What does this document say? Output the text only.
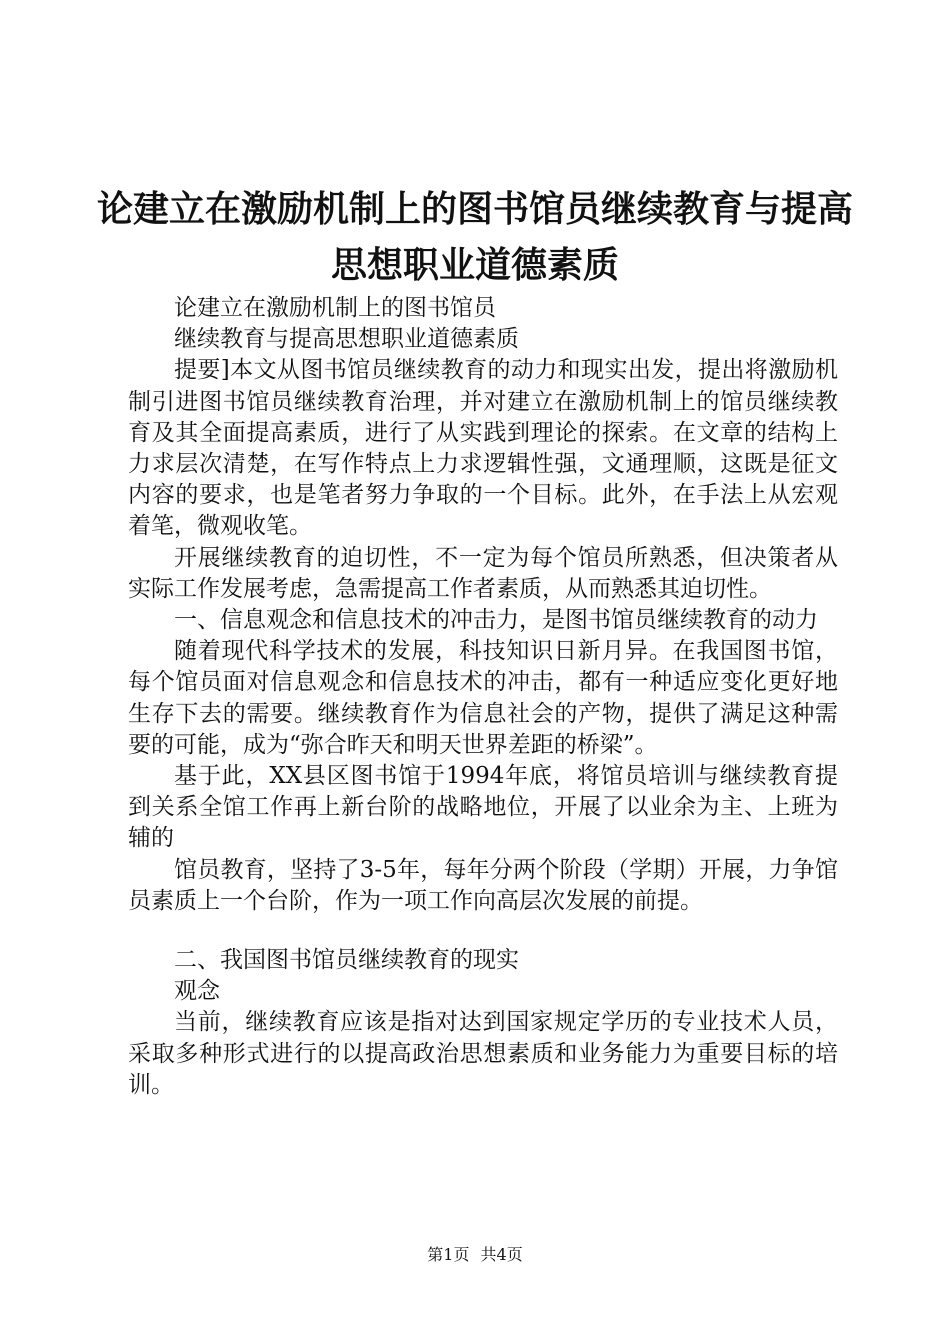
论建立在激励机制上的图书馆员继续教育与提高思想职业道德素质

论建立在激励机制上的图书馆员

继续教育与提高思想职业道德素质

提要]本文从图书馆员继续教育的动力和现实出发，提出将激励机制引进图书馆员继续教育治理，并对建立在激励机制上的馆员继续教育及其全面提高素质，进行了从实践到理论的探索。在文章的结构上力求层次清楚，在写作特点上力求逻辑性强，文通理顺，这既是征文内容的要求，也是笔者努力争取的一个目标。此外，在手法上从宏观着笔，微观收笔。

开展继续教育的迫切性，不一定为每个馆员所熟悉，但决策者从实际工作发展考虑，急需提高工作者素质，从而熟悉其迫切性。

一、信息观念和信息技术的冲击力，是图书馆员继续教育的动力

随着现代科学技术的发展，科技知识日新月异。在我国图书馆，每个馆员面对信息观念和信息技术的冲击，都有一种适应变化更好地生存下去的需要。继续教育作为信息社会的产物，提供了满足这种需要的可能，成为“弥合昨天和明天世界差距的桥梁”。

基于此，XX县区图书馆于1994年底，将馆员培训与继续教育提到关系全馆工作再上新台阶的战略地位，开展了以业余为主、上班为辅的

馆员教育，坚持了3-5年，每年分两个阶段（学期）开展，力争馆员素质上一个台阶，作为一项工作向高层次发展的前提。

二、我国图书馆员继续教育的现实

观念

当前，继续教育应该是指对达到国家规定学历的专业技术人员，采取多种形式进行的以提高政治思想素质和业务能力为重要目标的培训。

第1页 共4页
